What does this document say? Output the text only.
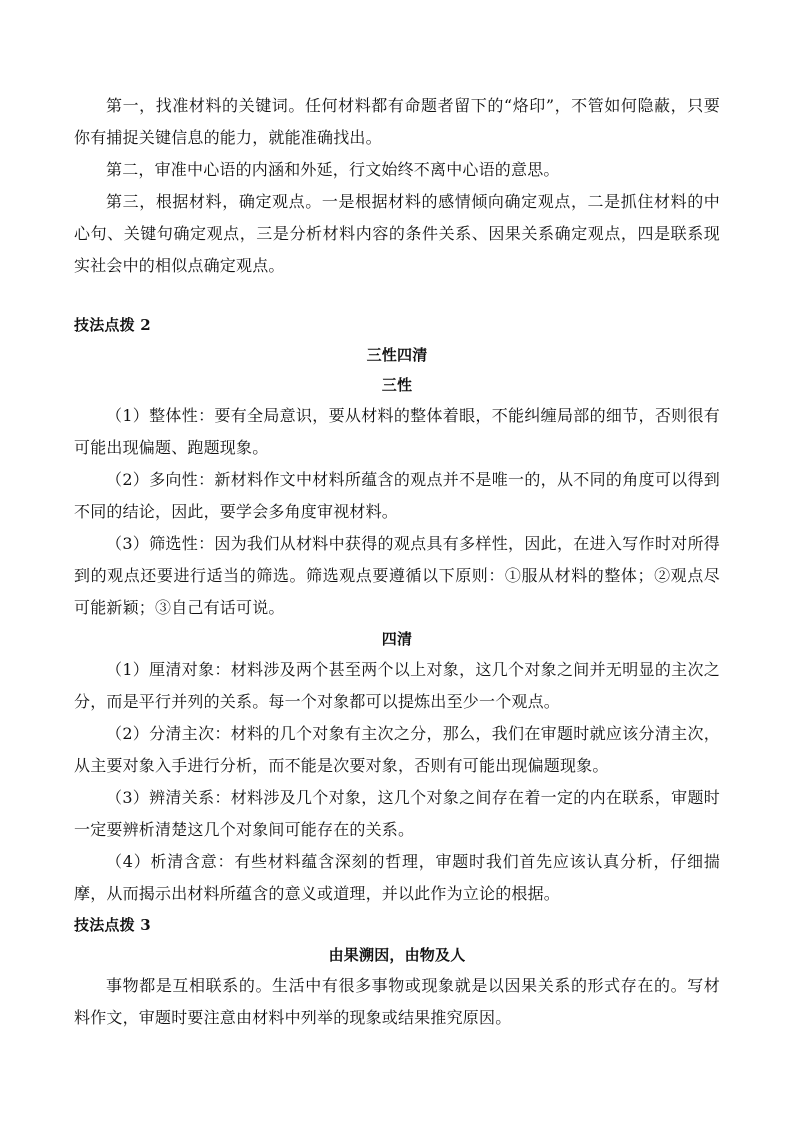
第一，找准材料的关键词。任何材料都有命题者留下的“烙印”，不管如何隐蔽，只要你有捕捉关键信息的能力，就能准确找出。

第二，审准中心语的内涵和外延，行文始终不离中心语的意思。

第三，根据材料，确定观点。一是根据材料的感情倾向确定观点，二是抓住材料的中心句、关键句确定观点，三是分析材料内容的条件关系、因果关系确定观点，四是联系现实社会中的相似点确定观点。

技法点拨 2

三性四清

三性

（1）整体性：要有全局意识，要从材料的整体着眼，不能纠缠局部的细节，否则很有可能出现偏题、跑题现象。

（2）多向性：新材料作文中材料所蕴含的观点并不是唯一的，从不同的角度可以得到不同的结论，因此，要学会多角度审视材料。

（3）筛选性：因为我们从材料中获得的观点具有多样性，因此，在进入写作时对所得到的观点还要进行适当的筛选。筛选观点要遵循以下原则：①服从材料的整体；②观点尽可能新颖；③自己有话可说。

四清

（1）厘清对象：材料涉及两个甚至两个以上对象，这几个对象之间并无明显的主次之分，而是平行并列的关系。每一个对象都可以提炼出至少一个观点。

（2）分清主次：材料的几个对象有主次之分，那么，我们在审题时就应该分清主次，从主要对象入手进行分析，而不能是次要对象，否则有可能出现偏题现象。

（3）辨清关系：材料涉及几个对象，这几个对象之间存在着一定的内在联系，审题时一定要辨析清楚这几个对象间可能存在的关系。

（4）析清含意：有些材料蕴含深刻的哲理，审题时我们首先应该认真分析，仔细揣摩，从而揭示出材料所蕴含的意义或道理，并以此作为立论的根据。

技法点拨 3

由果溯因，由物及人

事物都是互相联系的。生活中有很多事物或现象就是以因果关系的形式存在的。写材料作文，审题时要注意由材料中列举的现象或结果推究原因。
